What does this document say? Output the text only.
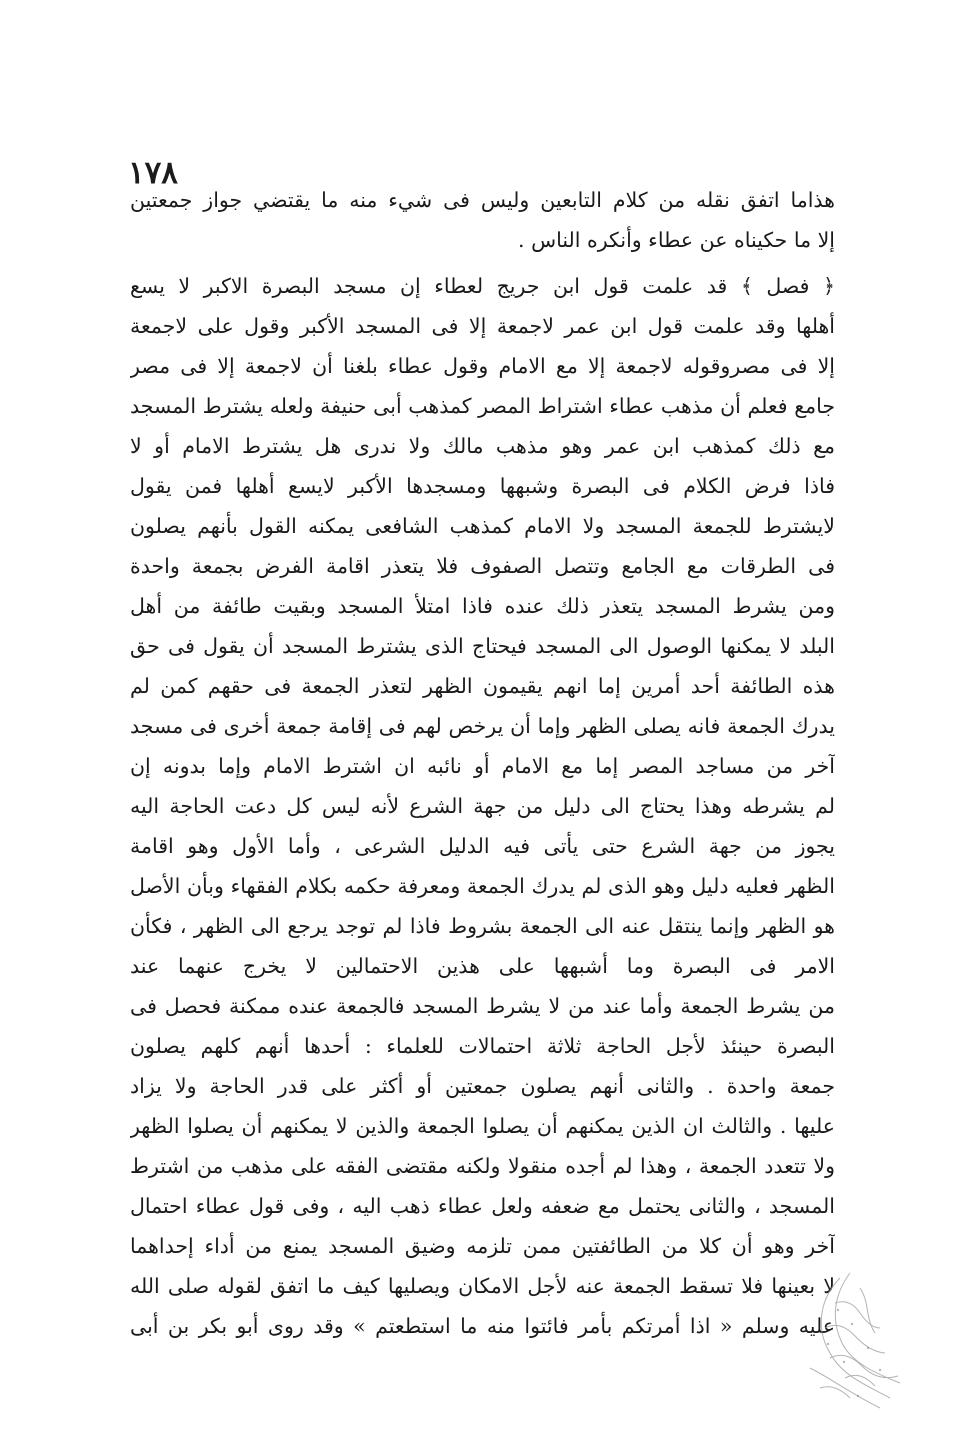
١٧٨
هذاما اتفق نقله من كلام التابعين وليس فى شيء منه ما يقتضي جواز جمعتين
إلا ما حكيناه عن عطاء وأنكره الناس .
﴿ فصل ﴾ قد علمت قول ابن جريج لعطاء إن مسجد البصرة الاكبر لا يسع
أهلها وقد علمت قول ابن عمر لاجمعة إلا فى المسجد الأكبر وقول على لاجمعة
إلا فى مصروقوله لاجمعة إلا مع الامام وقول عطاء بلغنا أن لاجمعة إلا فى مصر
جامع فعلم أن مذهب عطاء اشتراط المصر كمذهب أبى حنيفة ولعله يشترط المسجد
مع ذلك كمذهب ابن عمر وهو مذهب مالك ولا ندرى هل يشترط الامام أو لا
فاذا فرض الكلام فى البصرة وشبهها ومسجدها الأكبر لايسع أهلها فمن يقول
لايشترط للجمعة المسجد ولا الامام كمذهب الشافعى يمكنه القول بأنهم يصلون
فى الطرقات مع الجامع وتتصل الصفوف فلا يتعذر اقامة الفرض بجمعة واحدة
ومن يشرط المسجد يتعذر ذلك عنده فاذا امتلأ المسجد وبقيت طائفة من أهل
البلد لا يمكنها الوصول الى المسجد فيحتاج الذى يشترط المسجد أن يقول فى حق
هذه الطائفة أحد أمرين إما انهم يقيمون الظهر لتعذر الجمعة فى حقهم كمن لم
يدرك الجمعة فانه يصلى الظهر وإما أن يرخص لهم فى إقامة جمعة أخرى فى مسجد
آخر من مساجد المصر إما مع الامام أو نائبه ان اشترط الامام وإما بدونه إن
لم يشرطه وهذا يحتاج الى دليل من جهة الشرع لأنه ليس كل دعت الحاجة اليه
يجوز من جهة الشرع حتى يأتى فيه الدليل الشرعى ، وأما الأول وهو اقامة
الظهر فعليه دليل وهو الذى لم يدرك الجمعة ومعرفة حكمه بكلام الفقهاء وبأن الأصل
هو الظهر وإنما ينتقل عنه الى الجمعة بشروط فاذا لم توجد يرجع الى الظهر ، فكأن
الامر فى البصرة وما أشبهها على هذين الاحتمالين لا يخرج عنهما عند
من يشرط الجمعة وأما عند من لا يشرط المسجد فالجمعة عنده ممكنة فحصل فى
البصرة حينئذ لأجل الحاجة ثلاثة احتمالات للعلماء : أحدها أنهم كلهم يصلون
جمعة واحدة . والثانى أنهم يصلون جمعتين أو أكثر على قدر الحاجة ولا يزاد
عليها . والثالث ان الذين يمكنهم أن يصلوا الجمعة والذين لا يمكنهم أن يصلوا الظهر
ولا تتعدد الجمعة ، وهذا لم أجده منقولا ولكنه مقتضى الفقه على مذهب من اشترط
المسجد ، والثانى يحتمل مع ضعفه ولعل عطاء ذهب اليه ، وفى قول عطاء احتمال
آخر وهو أن كلا من الطائفتين ممن تلزمه وضيق المسجد يمنع من أداء إحداهما
لا بعينها فلا تسقط الجمعة عنه لأجل الامكان ويصليها كيف ما اتفق لقوله صلى الله
عليه وسلم « اذا أمرتكم بأمر فائتوا منه ما استطعتم » وقد روى أبو بكر بن أبى
